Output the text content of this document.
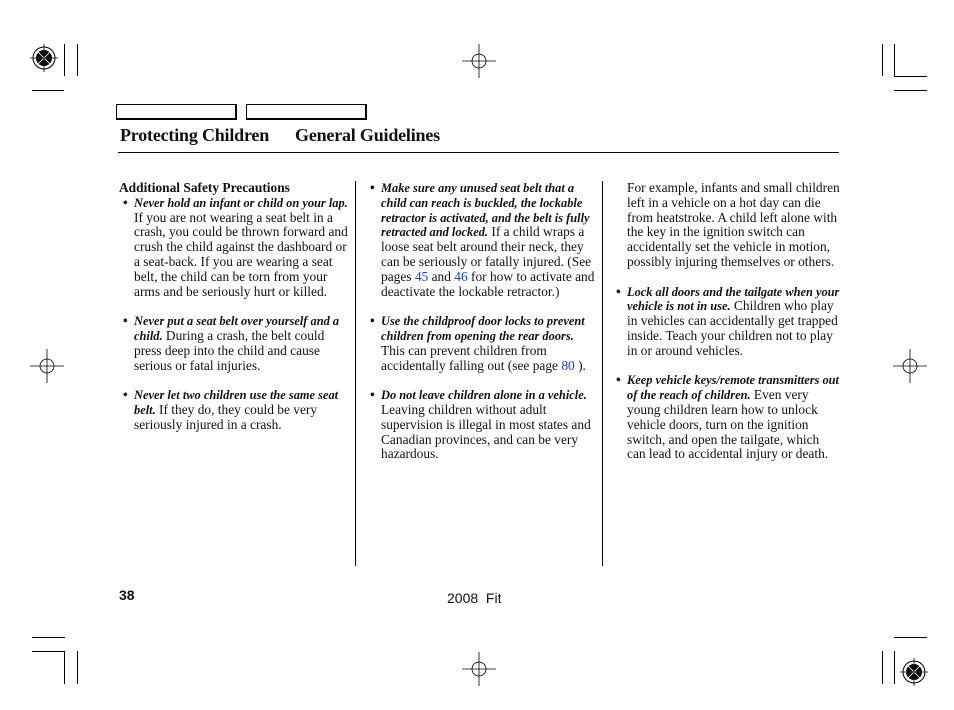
Protecting Children General Guidelines

Additional Safety Precautions

• Never hold an infant or child on your lap. If you are not wearing a seat belt in a crash, you could be thrown forward and crush the child against the dashboard or a seat-back. If you are wearing a seat belt, the child can be torn from your arms and be seriously hurt or killed.
• Never put a seat belt over yourself and a child. During a crash, the belt could press deep into the child and cause serious or fatal injuries.
• Never let two children use the same seat belt. If they do, they could be very seriously injured in a crash.
• Make sure any unused seat belt that a child can reach is buckled, the lockable retractor is activated, and the belt is fully retracted and locked. If a child wraps a loose seat belt around their neck, they can be seriously or fatally injured. (See pages 45 and 46 for how to activate and deactivate the lockable retractor.)
• Use the childproof door locks to prevent children from opening the rear doors. This can prevent children from accidentally falling out (see page 80 ).
• Do not leave children alone in a vehicle. Leaving children without adult supervision is illegal in most states and Canadian provinces, and can be very hazardous.

For example, infants and small children left in a vehicle on a hot day can die from heatstroke. A child left alone with the key in the ignition switch can accidentally set the vehicle in motion, possibly injuring themselves or others.

• Lock all doors and the tailgate when your vehicle is not in use. Children who play in vehicles can accidentally get trapped inside. Teach your children not to play in or around vehicles.
• Keep vehicle keys/remote transmitters out of the reach of children. Even very young children learn how to unlock vehicle doors, turn on the ignition switch, and open the tailgate, which can lead to accidental injury or death.
38	2008  Fit
